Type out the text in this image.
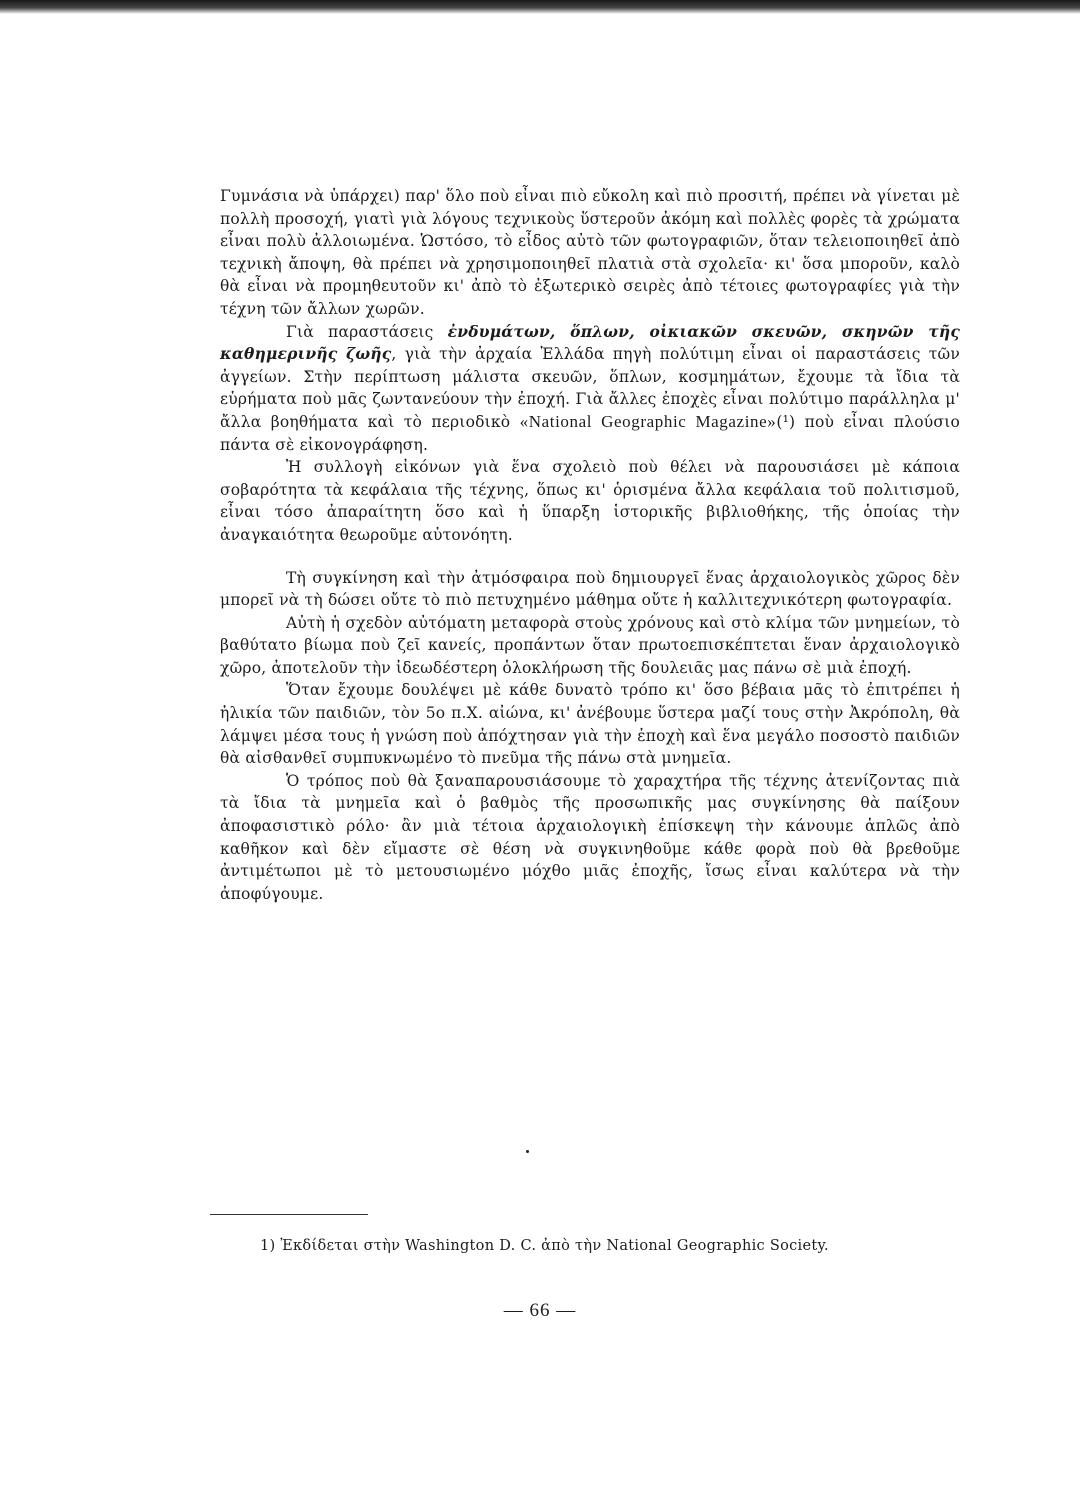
Γυμνάσια νὰ ὑπάρχει) παρ' ὅλο ποὺ εἶναι πιὸ εὔκολη καὶ πιὸ προσιτή, πρέπει νὰ γίνεται μὲ πολλὴ προσοχή, γιατὶ γιὰ λόγους τεχνικοὺς ὕστεροῦν ἀκόμη καὶ πολλὲς φορὲς τὰ χρώματα εἶναι πολὺ ἀλλοιωμένα. Ὡστόσο, τὸ εἶδος αὐτὸ τῶν φωτογραφιῶν, ὅταν τελειοποιηθεῖ ἀπὸ τεχνικὴ ἄποψη, θὰ πρέπει νὰ χρησιμοποιηθεῖ πλατιὰ στὰ σχολεῖα· κι' ὅσα μποροῦν, καλὸ θὰ εἶναι νὰ προμηθευτοῦν κι' ἀπὸ τὸ ἐξωτερικὸ σειρὲς ἀπὸ τέτοιες φωτογραφίες γιὰ τὴν τέχνη τῶν ἄλλων χωρῶν.

Γιὰ παραστάσεις ἐνδυμάτων, ὅπλων, οἰκιακῶν σκευῶν, σκηνῶν τῆς καθημερινῆς ζωῆς, γιὰ τὴν ἀρχαία Ἑλλάδα πηγὴ πολύτιμη εἶναι οἱ παραστάσεις τῶν ἀγγείων. Στὴν περίπτωση μάλιστα σκευῶν, ὅπλων, κοσμημάτων, ἔχουμε τὰ ἴδια τὰ εὑρήματα ποὺ μᾶς ζωντανεύουν τὴν ἐποχή. Γιὰ ἄλλες ἐποχὲς εἶναι πολύτιμο παράλληλα μ' ἄλλα βοηθήματα καὶ τὸ περιοδικὸ «National Geographic Magazine»(¹) ποὺ εἶναι πλούσιο πάντα σὲ εἰκονογράφηση.

Ἡ συλλογὴ εἰκόνων γιὰ ἕνα σχολειὸ ποὺ θέλει νὰ παρουσιάσει μὲ κάποια σοβαρότητα τὰ κεφάλαια τῆς τέχνης, ὅπως κι' ὁρισμένα ἄλλα κεφάλαια τοῦ πολιτισμοῦ, εἶναι τόσο ἀπαραίτητη ὅσο καὶ ἡ ὕπαρξη ἱστορικῆς βιβλιοθήκης, τῆς ὁποίας τὴν ἀναγκαιότητα θεωροῦμε αὐτονόητη.

Τὴ συγκίνηση καὶ τὴν ἀτμόσφαιρα ποὺ δημιουργεῖ ἕνας ἀρχαιολογικὸς χῶρος δὲν μπορεῖ νὰ τὴ δώσει οὔτε τὸ πιὸ πετυχημένο μάθημα οὔτε ἡ καλλιτεχνικότερη φωτογραφία.

Αὐτὴ ἡ σχεδὸν αὐτόματη μεταφορὰ στοὺς χρόνους καὶ στὸ κλίμα τῶν μνημείων, τὸ βαθύτατο βίωμα ποὺ ζεῖ κανείς, προπάντων ὅταν πρωτοεπισκέπτεται ἕναν ἀρχαιολογικὸ χῶρο, ἀποτελοῦν τὴν ἰδεωδέστερη ὁλοκλήρωση τῆς δουλειᾶς μας πάνω σὲ μιὰ ἐποχή.

Ὅταν ἔχουμε δουλέψει μὲ κάθε δυνατὸ τρόπο κι' ὅσο βέβαια μᾶς τὸ ἐπιτρέπει ἡ ἡλικία τῶν παιδιῶν, τὸν 5ο π.Χ. αἰώνα, κι' ἀνέβουμε ὕστερα μαζί τους στὴν Ἀκρόπολη, θὰ λάμψει μέσα τους ἡ γνώση ποὺ ἀπόχτησαν γιὰ τὴν ἐποχὴ καὶ ἕνα μεγάλο ποσοστὸ παιδιῶν θὰ αἰσθανθεῖ συμπυκνωμένο τὸ πνεῦμα τῆς πάνω στὰ μνημεῖα.

Ὁ τρόπος ποὺ θὰ ξαναπαρουσιάσουμε τὸ χαραχτήρα τῆς τέχνης ἀτενίζοντας πιὰ τὰ ἴδια τὰ μνημεῖα καὶ ὁ βαθμὸς τῆς προσωπικῆς μας συγκίνησης θὰ παίξουν ἀποφασιστικὸ ρόλο· ἂν μιὰ τέτοια ἀρχαιολογικὴ ἐπίσκεψη τὴν κάνουμε ἁπλῶς ἀπὸ καθῆκον καὶ δὲν εἴμαστε σὲ θέση νὰ συγκινηθοῦμε κάθε φορὰ ποὺ θὰ βρεθοῦμε ἀντιμέτωποι μὲ τὸ μετουσιωμένο μόχθο μιᾶς ἐποχῆς, ἴσως εἶναι καλύτερα νὰ τὴν ἀποφύγουμε.

1) Ἐκδίδεται στὴν Washington D. C. ἀπὸ τὴν National Geographic Society.
— 66 —
